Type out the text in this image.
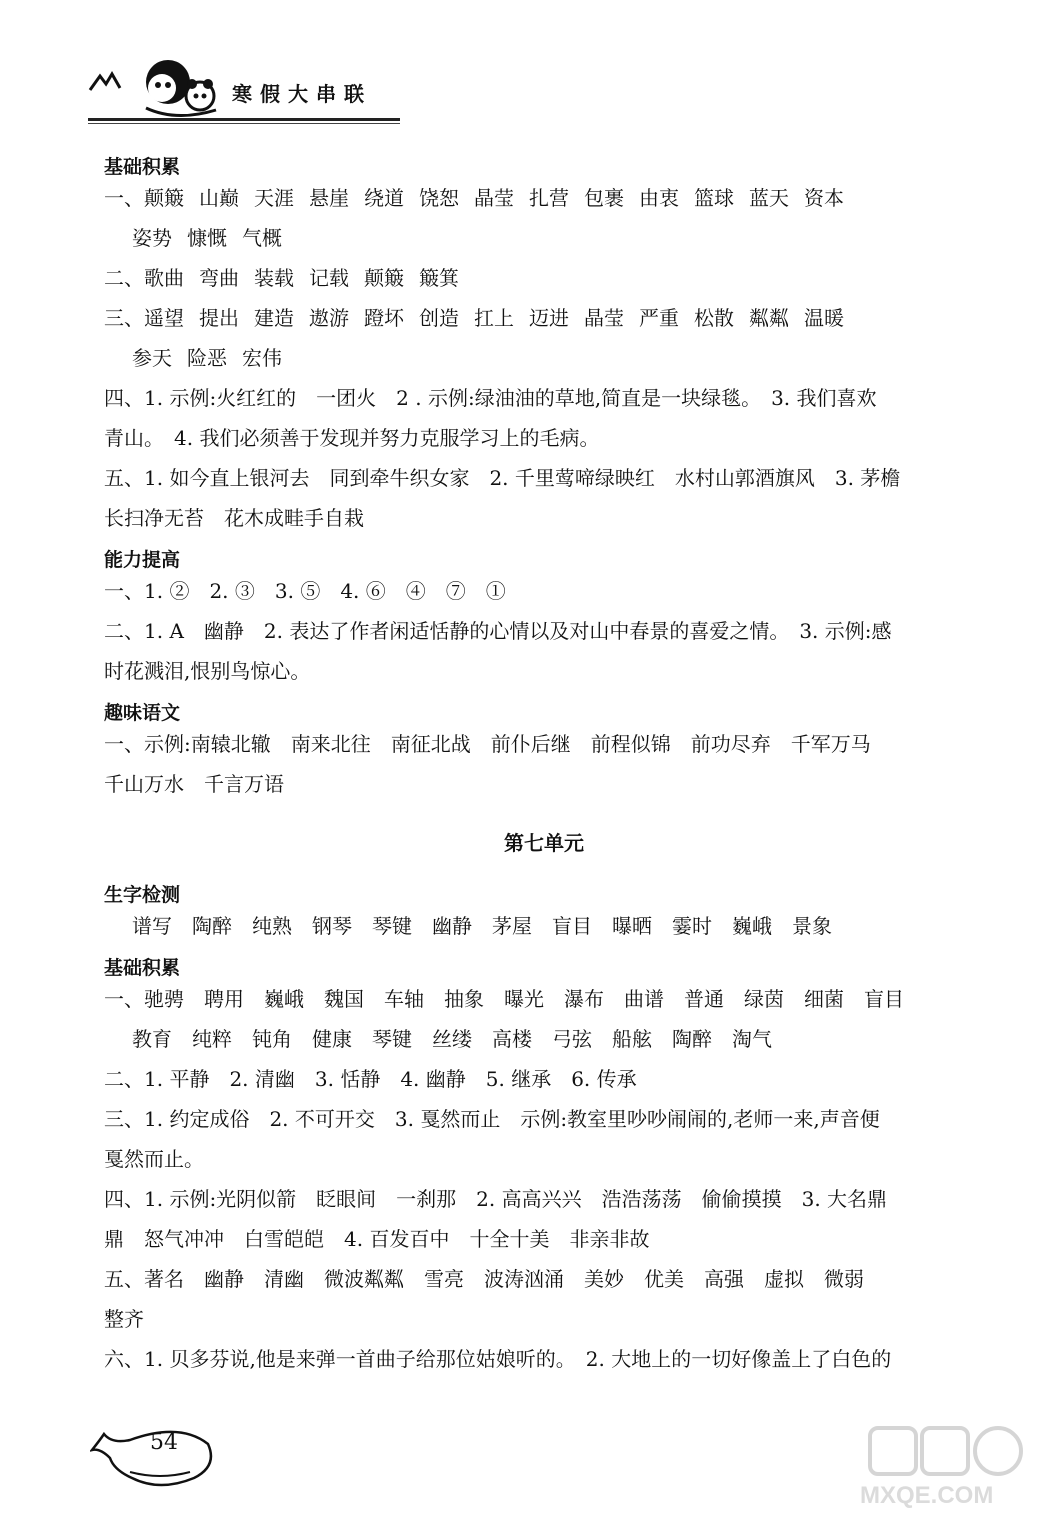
寒假大串联
基础积累
一、颠簸 山巅 天涯 悬崖 绕道 饶恕 晶莹 扎营 包裹 由衷 篮球 蓝天 资本
姿势 慷慨 气概
二、歌曲 弯曲 装载 记载 颠簸 簸箕
三、遥望 提出 建造 遨游 蹬坏 创造 扛上 迈进 晶莹 严重 松散 粼粼 温暖
参天 险恶 宏伟
四、1. 示例:火红红的　一团火　2 . 示例:绿油油的草地,简直是一块绿毯。　3. 我们喜欢
青山。　4. 我们必须善于发现并努力克服学习上的毛病。
五、1. 如今直上银河去　同到牵牛织女家　2. 千里莺啼绿映红　水村山郭酒旗风　3. 茅檐
长扫净无苔　花木成畦手自栽
能力提高
一、1. ②　2. ③　3. ⑤　4. ⑥　④　⑦　①
二、1. A　幽静　2. 表达了作者闲适恬静的心情以及对山中春景的喜爱之情。　3. 示例:感
时花溅泪,恨别鸟惊心。
趣味语文
一、示例:南辕北辙　南来北往　南征北战　前仆后继　前程似锦　前功尽弃　千军万马
千山万水　千言万语
第七单元
生字检测
谱写　陶醉　纯熟　钢琴　琴键　幽静　茅屋　盲目　曝晒　霎时　巍峨　景象
基础积累
一、驰骋　聘用　巍峨　魏国　车轴　抽象　曝光　瀑布　曲谱　普通　绿茵　细菌　盲目
教育　纯粹　钝角　健康　琴键　丝缕　高楼　弓弦　船舷　陶醉　淘气
二、1. 平静　2. 清幽　3. 恬静　4. 幽静　5. 继承　6. 传承
三、1. 约定成俗　2. 不可开交　3. 戛然而止　示例:教室里吵吵闹闹的,老师一来,声音便
戛然而止。
四、1. 示例:光阴似箭　眨眼间　一刹那　2. 高高兴兴　浩浩荡荡　偷偷摸摸　3. 大名鼎
鼎　怒气冲冲　白雪皑皑　4. 百发百中　十全十美　非亲非故
五、著名　幽静　清幽　微波粼粼　雪亮　波涛汹涌　美妙　优美　高强　虚拟　微弱
整齐
六、1. 贝多芬说,他是来弹一首曲子给那位姑娘听的。　2. 大地上的一切好像盖上了白色的
54
MXQE.COM
